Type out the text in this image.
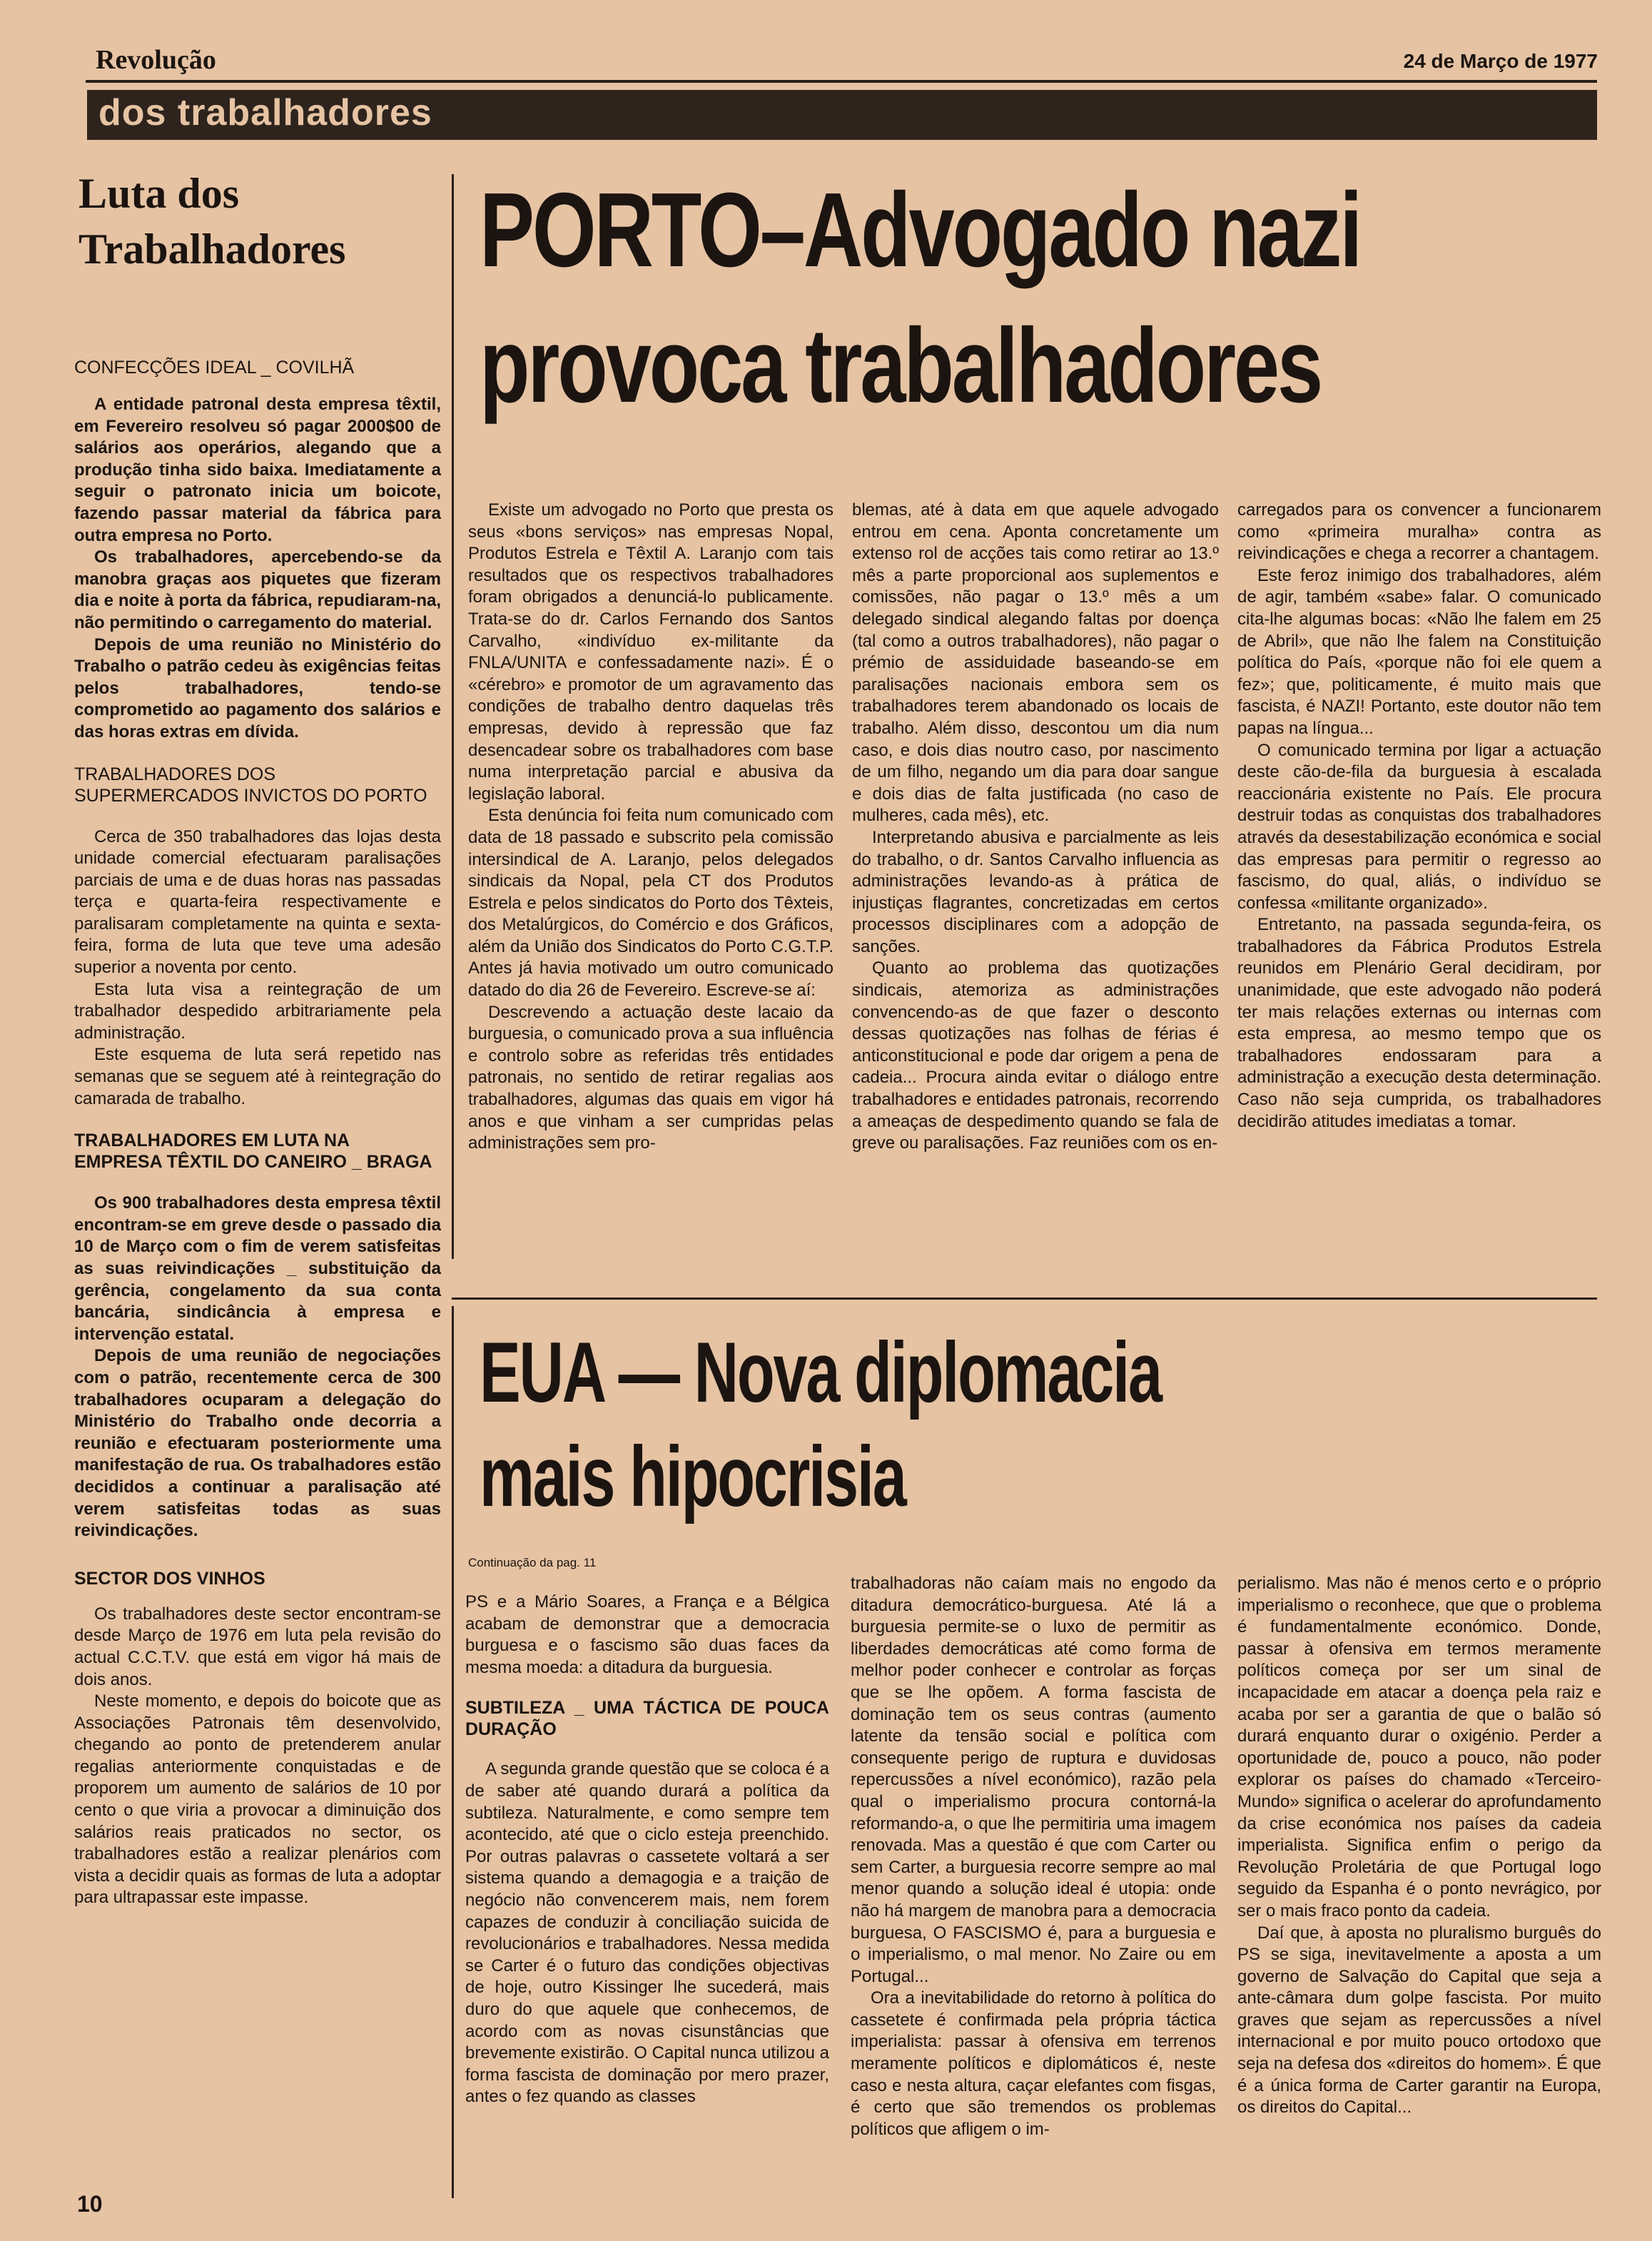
Revolução	24 de Março de 1977
dos trabalhadores
Luta dos Trabalhadores

CONFECÇÕES IDEAL _ COVILHÃ

A entidade patronal desta empresa têxtil, em Fevereiro resolveu só pagar 2000$00 de salários aos operários, alegando que a produção tinha sido baixa. Imediatamente a seguir o patronato inicia um boicote, fazendo passar material da fábrica para outra empresa no Porto.

Os trabalhadores, apercebendo-se da manobra graças aos piquetes que fizeram dia e noite à porta da fábrica, repudiaram-na, não permitindo o carregamento do material.

Depois de uma reunião no Ministério do Trabalho o patrão cedeu às exigências feitas pelos trabalhadores, tendo-se comprometido ao pagamento dos salários e das horas extras em dívida.

TRABALHADORES DOS SUPERMERCADOS INVICTOS DO PORTO

Cerca de 350 trabalhadores das lojas desta unidade comercial efectuaram paralisações parciais de uma e de duas horas nas passadas terça e quarta-feira respectivamente e paralisaram completamente na quinta e sexta-feira, forma de luta que teve uma adesão superior a noventa por cento.

Esta luta visa a reintegração de um trabalhador despedido arbitrariamente pela administração.

Este esquema de luta será repetido nas semanas que se seguem até à reintegração do camarada de trabalho.

TRABALHADORES EM LUTA NA EMPRESA TÊXTIL DO CANEIRO _ BRAGA

Os 900 trabalhadores desta empresa têxtil encontram-se em greve desde o passado dia 10 de Março com o fim de verem satisfeitas as suas reivindicações _ substituição da gerência, congelamento da sua conta bancária, sindicância à empresa e intervenção estatal.

Depois de uma reunião de negociações com o patrão, recentemente cerca de 300 trabalhadores ocuparam a delegação do Ministério do Trabalho onde decorria a reunião e efectuaram posteriormente uma manifestação de rua. Os trabalhadores estão decididos a continuar a paralisação até verem satisfeitas todas as suas reivindicações.

SECTOR DOS VINHOS

Os trabalhadores deste sector encontram-se desde Março de 1976 em luta pela revisão do actual C.C.T.V. que está em vigor há mais de dois anos.

Neste momento, e depois do boicote que as Associações Patronais têm desenvolvido, chegando ao ponto de pretenderem anular regalias anteriormente conquistadas e de proporem um aumento de salários de 10 por cento o que viria a provocar a diminuição dos salários reais praticados no sector, os trabalhadores estão a realizar plenários com vista a decidir quais as formas de luta a adoptar para ultrapassar este impasse.

PORTO–Advogado nazi
provoca trabalhadores

Existe um advogado no Porto que presta os seus «bons serviços» nas empresas Nopal, Produtos Estrela e Têxtil A. Laranjo com tais resultados que os respectivos trabalhadores foram obrigados a denunciá-lo publicamente. Trata-se do dr. Carlos Fernando dos Santos Carvalho, «indivíduo ex-militante da FNLA/UNITA e confessadamente nazi». É o «cérebro» e promotor de um agravamento das condições de trabalho dentro daquelas três empresas, devido à repressão que faz desencadear sobre os trabalhadores com base numa interpretação parcial e abusiva da legislação laboral.

Esta denúncia foi feita num comunicado com data de 18 passado e subscrito pela comissão intersindical de A. Laranjo, pelos delegados sindicais da Nopal, pela CT dos Produtos Estrela e pelos sindicatos do Porto dos Têxteis, dos Metalúrgicos, do Comércio e dos Gráficos, além da União dos Sindicatos do Porto C.G.T.P. Antes já havia motivado um outro comunicado datado do dia 26 de Fevereiro. Escreve-se aí:

Descrevendo a actuação deste lacaio da burguesia, o comunicado prova a sua influência e controlo sobre as referidas três entidades patronais, no sentido de retirar regalias aos trabalhadores, algumas das quais em vigor há anos e que vinham a ser cumpridas pelas administrações sem pro-

blemas, até à data em que aquele advogado entrou em cena. Aponta concretamente um extenso rol de acções tais como retirar ao 13.º mês a parte proporcional aos suplementos e comissões, não pagar o 13.º mês a um delegado sindical alegando faltas por doença (tal como a outros trabalhadores), não pagar o prémio de assiduidade baseando-se em paralisações nacionais embora sem os trabalhadores terem abandonado os locais de trabalho. Além disso, descontou um dia num caso, e dois dias noutro caso, por nascimento de um filho, negando um dia para doar sangue e dois dias de falta justificada (no caso de mulheres, cada mês), etc.

Interpretando abusiva e parcialmente as leis do trabalho, o dr. Santos Carvalho influencia as administrações levando-as à prática de injustiças flagrantes, concretizadas em certos processos disciplinares com a adopção de sanções.

Quanto ao problema das quotizações sindicais, atemoriza as administrações convencendo-as de que fazer o desconto dessas quotizações nas folhas de férias é anticonstitucional e pode dar origem a pena de cadeia... Procura ainda evitar o diálogo entre trabalhadores e entidades patronais, recorrendo a ameaças de despedimento quando se fala de greve ou paralisações. Faz reuniões com os en-

carregados para os convencer a funcionarem como «primeira muralha» contra as reivindicações e chega a recorrer a chantagem.

Este feroz inimigo dos trabalhadores, além de agir, também «sabe» falar. O comunicado cita-lhe algumas bocas: «Não lhe falem em 25 de Abril», que não lhe falem na Constituição política do País, «porque não foi ele quem a fez»; que, politicamente, é muito mais que fascista, é NAZI! Portanto, este doutor não tem papas na língua...

O comunicado termina por ligar a actuação deste cão-de-fila da burguesia à escalada reaccionária existente no País. Ele procura destruir todas as conquistas dos trabalhadores através da desestabilização económica e social das empresas para permitir o regresso ao fascismo, do qual, aliás, o indivíduo se confessa «militante organizado».

Entretanto, na passada segunda-feira, os trabalhadores da Fábrica Produtos Estrela reunidos em Plenário Geral decidiram, por unanimidade, que este advogado não poderá ter mais relações externas ou internas com esta empresa, ao mesmo tempo que os trabalhadores endossaram para a administração a execução desta determinação. Caso não seja cumprida, os trabalhadores decidirão atitudes imediatas a tomar.

EUA — Nova diplomacia
mais hipocrisia
Continuação da pag. 11

PS e a Mário Soares, a França e a Bélgica acabam de demonstrar que a democracia burguesa e o fascismo são duas faces da mesma moeda: a ditadura da burguesia.

SUBTILEZA _ UMA TÁCTICA DE POUCA DURAÇÃO

A segunda grande questão que se coloca é a de saber até quando durará a política da subtileza. Naturalmente, e como sempre tem acontecido, até que o ciclo esteja preenchido. Por outras palavras o cassetete voltará a ser sistema quando a demagogia e a traição de negócio não convencerem mais, nem forem capazes de conduzir à conciliação suicida de revolucionários e trabalhadores. Nessa medida se Carter é o futuro das condições objectivas de hoje, outro Kissinger lhe sucederá, mais duro do que aquele que conhecemos, de acordo com as novas cisunstâncias que brevemente existirão. O Capital nunca utilizou a forma fascista de dominação por mero prazer, antes o fez quando as classes

trabalhadoras não caíam mais no engodo da ditadura democrático-burguesa. Até lá a burguesia permite-se o luxo de permitir as liberdades democráticas até como forma de melhor poder conhecer e controlar as forças que se lhe opõem. A forma fascista de dominação tem os seus contras (aumento latente da tensão social e política com consequente perigo de ruptura e duvidosas repercussões a nível económico), razão pela qual o imperialismo procura contorná-la reformando-a, o que lhe permitiria uma imagem renovada. Mas a questão é que com Carter ou sem Carter, a burguesia recorre sempre ao mal menor quando a solução ideal é utopia: onde não há margem de manobra para a democracia burguesa, O FASCISMO é, para a burguesia e o imperialismo, o mal menor. No Zaire ou em Portugal...

Ora a inevitabilidade do retorno à política do cassetete é confirmada pela própria táctica imperialista: passar à ofensiva em terrenos meramente políticos e diplomáticos é, neste caso e nesta altura, caçar elefantes com fisgas, é certo que são tremendos os problemas políticos que afligem o im-

perialismo. Mas não é menos certo e o próprio imperialismo o reconhece, que que o problema é fundamentalmente económico. Donde, passar à ofensiva em termos meramente políticos começa por ser um sinal de incapacidade em atacar a doença pela raiz e acaba por ser a garantia de que o balão só durará enquanto durar o oxigénio. Perder a oportunidade de, pouco a pouco, não poder explorar os países do chamado «Terceiro-Mundo» significa o acelerar do aprofundamento da crise económica nos países da cadeia imperialista. Significa enfim o perigo da Revolução Proletária de que Portugal logo seguido da Espanha é o ponto nevrágico, por ser o mais fraco ponto da cadeia.

Daí que, à aposta no pluralismo burguês do PS se siga, inevitavelmente a aposta a um governo de Salvação do Capital que seja a ante-câmara dum golpe fascista. Por muito graves que sejam as repercussões a nível internacional e por muito pouco ortodoxo que seja na defesa dos «direitos do homem». É que é a única forma de Carter garantir na Europa, os direitos do Capital...

10
